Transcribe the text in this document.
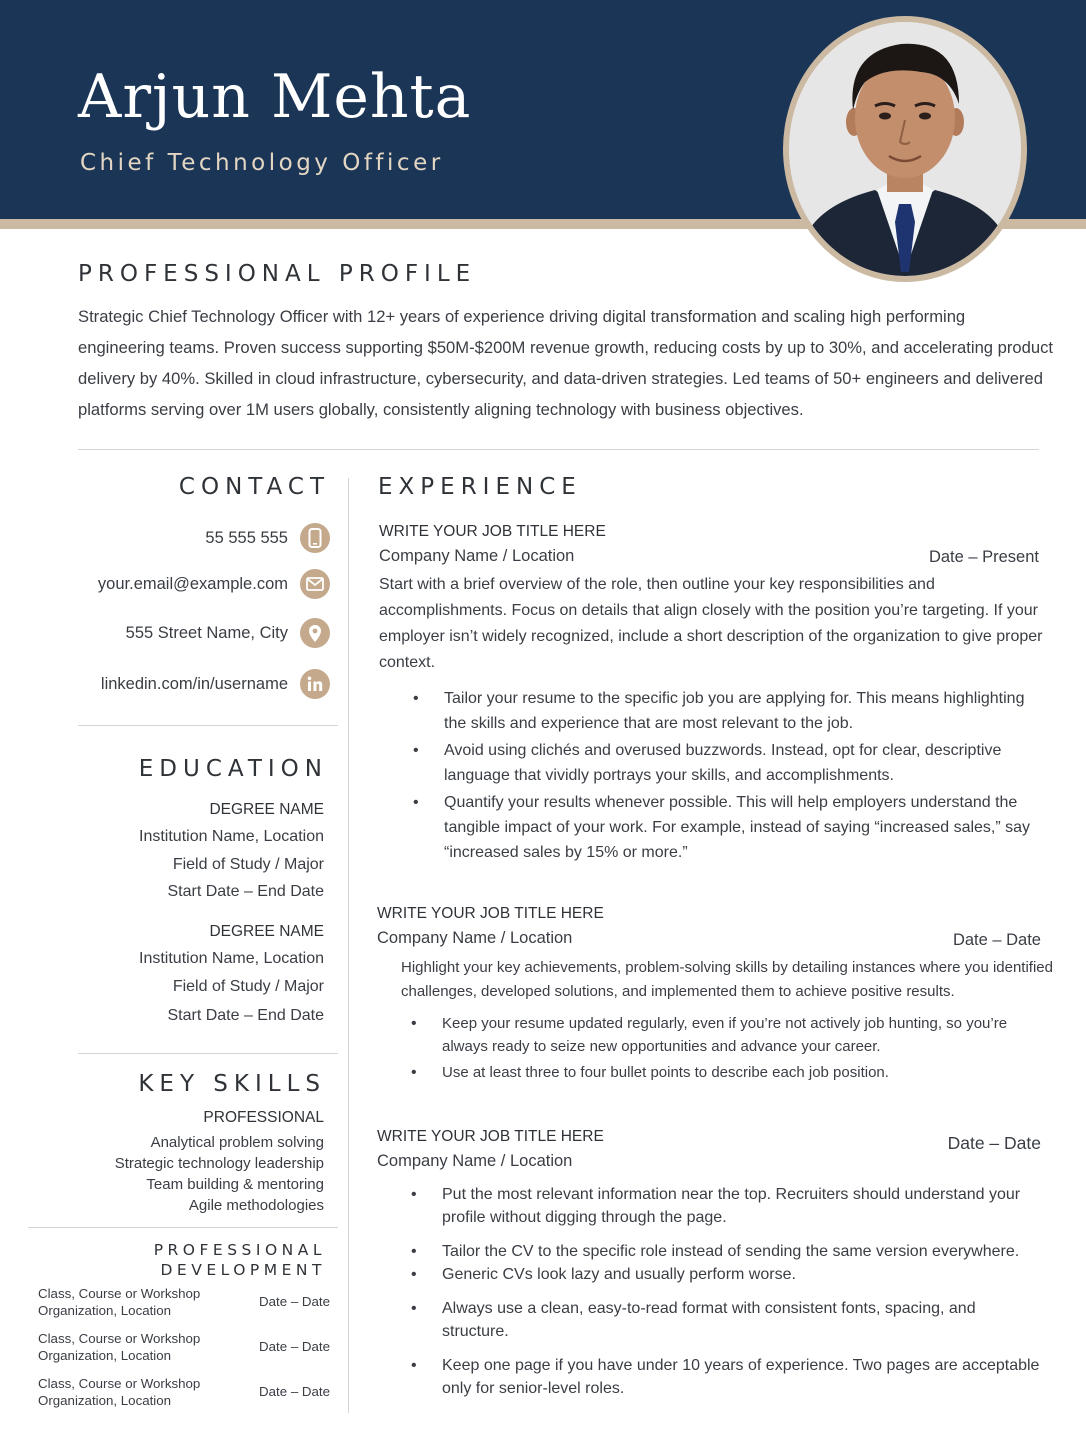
Arjun Mehta
Chief Technology Officer
PROFESSIONAL PROFILE
Strategic Chief Technology Officer with 12+ years of experience driving digital transformation and scaling high performing engineering teams. Proven success supporting $50M-$200M revenue growth, reducing costs by up to 30%, and accelerating product delivery by 40%. Skilled in cloud infrastructure, cybersecurity, and data-driven strategies. Led teams of 50+ engineers and delivered platforms serving over 1M users globally, consistently aligning technology with business objectives.
CONTACT
55 555 555
your.email@example.com
555 Street Name, City
linkedin.com/in/username
EDUCATION
DEGREE NAME
Institution Name, Location
Field of Study / Major
Start Date – End Date
DEGREE NAME
Institution Name, Location
Field of Study / Major
Start Date – End Date
KEY SKILLS
PROFESSIONAL
Analytical problem solving
Strategic technology leadership
Team building & mentoring
Agile methodologies
PROFESSIONAL
DEVELOPMENT
Class, Course or Workshop
Organization, Location
Date – Date
Class, Course or Workshop
Organization, Location
Date – Date
Class, Course or Workshop
Organization, Location
Date – Date
EXPERIENCE
WRITE YOUR JOB TITLE HERE
Company Name / Location	Date – Present
Start with a brief overview of the role, then outline your key responsibilities and accomplishments. Focus on details that align closely with the position you’re targeting. If your employer isn’t widely recognized, include a short description of the organization to give proper context.
• Tailor your resume to the specific job you are applying for. This means highlighting the skills and experience that are most relevant to the job.
• Avoid using clichés and overused buzzwords. Instead, opt for clear, descriptive language that vividly portrays your skills, and accomplishments.
• Quantify your results whenever possible. This will help employers understand the tangible impact of your work. For example, instead of saying “increased sales,” say “increased sales by 15% or more.”
WRITE YOUR JOB TITLE HERE
Company Name / Location	Date – Date
Highlight your key achievements, problem-solving skills by detailing instances where you identified challenges, developed solutions, and implemented them to achieve positive results.
• Keep your resume updated regularly, even if you’re not actively job hunting, so you’re always ready to seize new opportunities and advance your career.
• Use at least three to four bullet points to describe each job position.
WRITE YOUR JOB TITLE HERE
Company Name / Location
Date – Date
• Put the most relevant information near the top. Recruiters should understand your profile without digging through the page.
• Tailor the CV to the specific role instead of sending the same version everywhere.
• Generic CVs look lazy and usually perform worse.
• Always use a clean, easy-to-read format with consistent fonts, spacing, and structure.
• Keep one page if you have under 10 years of experience. Two pages are acceptable only for senior-level roles.
